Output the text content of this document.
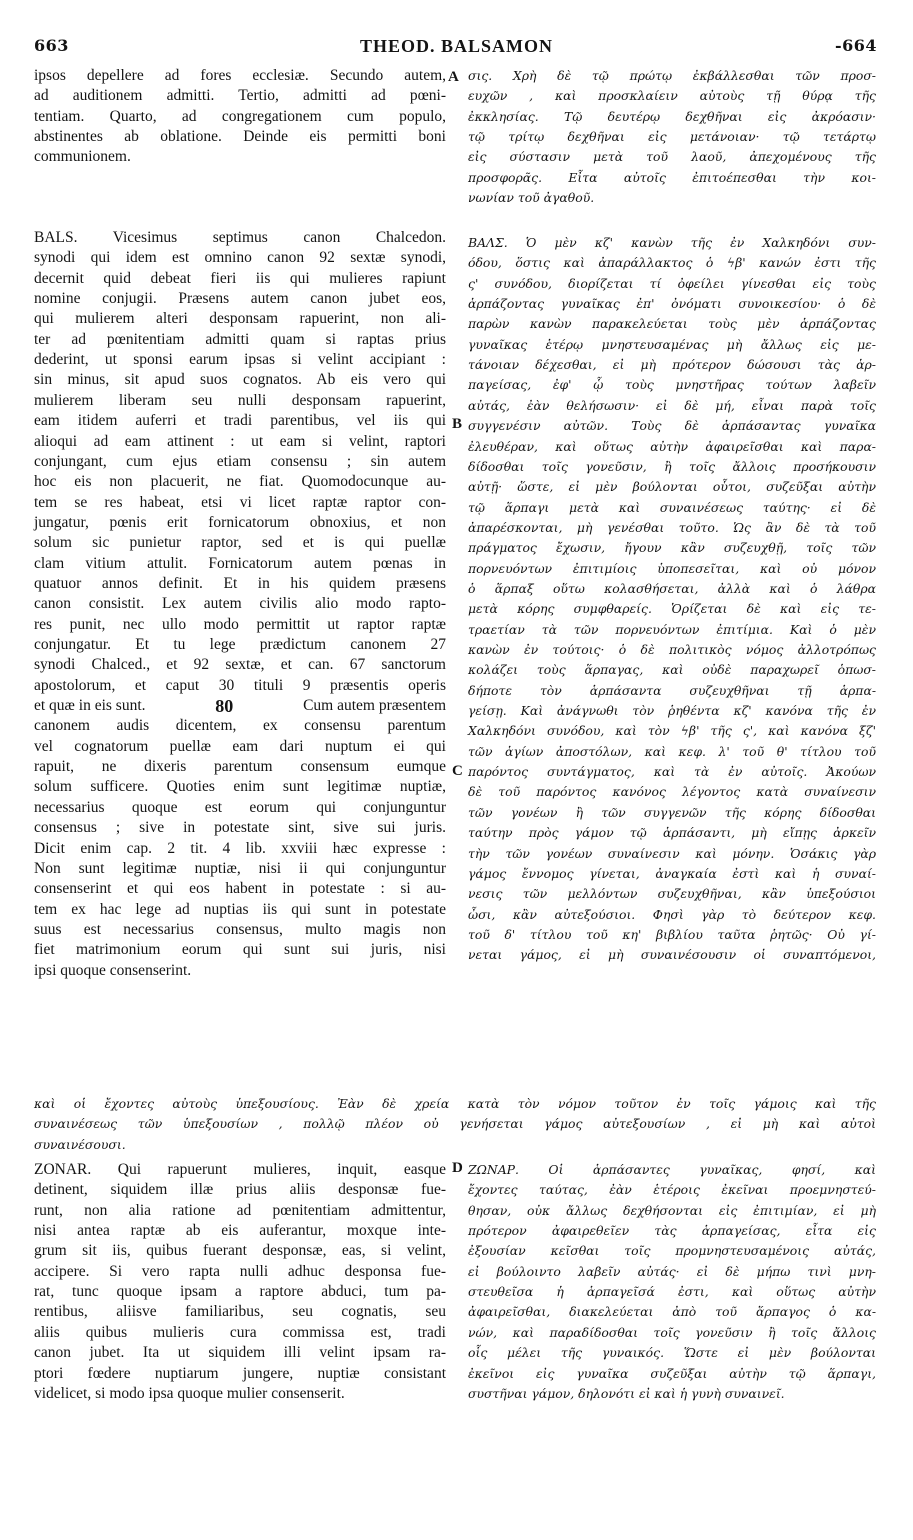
663	THEOD. BALSAMON	-664
ipsos depellere ad fores ecclesiæ. Secundo autem,
ad auditionem admitti. Tertio, admitti ad pœni-
tentiam. Quarto, ad congregationem cum populo,
abstinentes ab oblatione. Deinde eis permitti boni
communionem.
BALS. Vicesimus septimus canon Chalcedon.
synodi qui idem est omnino canon 92 sextæ synodi,
decernit quid debeat fieri iis qui mulieres rapiunt
nomine conjugii. Præsens autem canon jubet eos,
qui mulierem alteri desponsam rapuerint, non ali-
ter ad pœnitentiam admitti quam si raptas prius
dederint, ut sponsi earum ipsas si velint accipiant :
sin minus, sit apud suos cognatos. Ab eis vero qui
mulierem liberam seu nulli desponsam rapuerint,
eam itidem auferri et tradi parentibus, vel iis qui
alioqui ad eam attinent : ut eam si velint, raptori
conjungant, cum ejus etiam consensu ; sin autem
hoc eis non placuerit, ne fiat. Quomodocunque au-
tem se res habeat, etsi vi licet raptæ raptor con-
jungatur, pœnis erit fornicatorum obnoxius, et non
solum sic punietur raptor, sed et is qui puellæ
clam vitium attulit. Fornicatorum autem pœnas in
quatuor annos definit. Et in his quidem præsens
canon consistit. Lex autem civilis alio modo rapto-
res punit, nec ullo modo permittit ut raptor raptæ
conjungatur. Et tu lege prædictum canonem 27
synodi Chalced., et 92 sextæ, et can. 67 sanctorum
apostolorum, et caput 30 tituli 9 præsentis operis
canonem audis dicentem, ex consensu parentum
vel cognatorum puellæ eam dari nuptum ei qui
rapuit, ne dixeris parentum consensum eumque
solum sufficere. Quoties enim sunt legitimæ nuptiæ,
necessarius quoque est eorum qui conjunguntur
consensus ; sive in potestate sint, sive sui juris.
Dicit enim cap. 2 tit. 4 lib. xxviii hæc expresse :
Non sunt legitimæ nuptiæ, nisi ii qui conjunguntur
consenserint et qui eos habent in potestate : si au-
tem ex hac lege ad nuptias iis qui sunt in potestate
suus est necessarius consensus, multo magis non
fiet matrimonium eorum qui sunt sui juris, nisi
ipsi quoque consenserint.
et quæ in eis sunt.	80	Cum autem præsentem
σις. Χρὴ δὲ τῷ πρώτῳ ἐκβάλλεσθαι τῶν προσ-
ευχῶν , καὶ προσκλαίειν αὐτοὺς τῇ θύρᾳ τῆς
ἐκκλησίας. Τῷ δευτέρῳ δεχθῆναι εἰς ἀκρόασιν·
τῷ τρίτῳ δεχθῆναι εἰς μετάνοιαν· τῷ τετάρτῳ
εἰς σύστασιν μετὰ τοῦ λαοῦ, ἀπεχομένους τῆς
προσφορᾶς. Εἶτα αὐτοῖς ἐπιτοέπεσθαι τὴν κοι-
νωνίαν τοῦ ἀγαθοῦ.
ΒΑΛΣ. Ὁ μὲν κζ' κανὼν τῆς ἐν Χαλκηδόνι συν-
όδου, ὅστις καὶ ἀπαράλλακτος ὁ ϟβ' κανών ἐστι τῆς
ς' συνόδου, διορίζεται τί ὀφείλει γίνεσθαι εἰς τοὺς
ἁρπάζοντας γυναῖκας ἐπ' ὀνόματι συνοικεσίου· ὁ δὲ
παρὼν κανὼν παρακελεύεται τοὺς μὲν ἁρπάζοντας
γυναῖκας ἑτέρῳ μνηστευσαμένας μὴ ἄλλως εἰς με-
τάνοιαν δέχεσθαι, εἰ μὴ πρότερον δώσουσι τὰς ἁρ-
παγείσας, ἐφ' ᾧ τοὺς μνηστῆρας τούτων λαβεῖν
αὐτάς, ἐὰν θελήσωσιν· εἰ δὲ μή, εἶναι παρὰ τοῖς
συγγενέσιν αὐτῶν. Τοὺς δὲ ἁρπάσαντας γυναῖκα
ἐλευθέραν, καὶ οὕτως αὐτὴν ἀφαιρεῖσθαι καὶ παρα-
δίδοσθαι τοῖς γονεῦσιν, ἢ τοῖς ἄλλοις προσήκουσιν
αὐτῇ· ὥστε, εἰ μὲν βούλονται οὗτοι, συζεῦξαι αὐτὴν
τῷ ἅρπαγι μετὰ καὶ συναινέσεως ταύτης· εἰ δὲ
ἀπαρέσκονται, μὴ γενέσθαι τοῦτο. Ὡς ἂν δὲ τὰ τοῦ
πράγματος ἔχωσιν, ἤγουν κἂν συζευχθῇ, τοῖς τῶν
πορνευόντων ἐπιτιμίοις ὑποπεσεῖται, καὶ οὐ μόνον
ὁ ἅρπαξ οὕτω κολασθήσεται, ἀλλὰ καὶ ὁ λάθρα
μετὰ κόρης συμφθαρείς. Ὁρίζεται δὲ καὶ εἰς τε-
τραετίαν τὰ τῶν πορνευόντων ἐπιτίμια. Καὶ ὁ μὲν
κανὼν ἐν τούτοις· ὁ δὲ πολιτικὸς νόμος ἀλλοτρόπως
κολάζει τοὺς ἅρπαγας, καὶ οὐδὲ παραχωρεῖ ὁπωσ-
δήποτε τὸν ἁρπάσαντα συζευχθῆναι τῇ ἁρπα-
γείσῃ. Καὶ ἀνάγνωθι τὸν ῥηθέντα κζ' κανόνα τῆς ἐν
Χαλκηδόνι συνόδου, καὶ τὸν ϟβ' τῆς ς', καὶ κανόνα ξζ'
τῶν ἁγίων ἀποστόλων, καὶ κεφ. λ' τοῦ θ' τίτλου τοῦ
παρόντος συντάγματος, καὶ τὰ ἐν αὐτοῖς. Ἀκούων
δὲ τοῦ παρόντος κανόνος λέγοντος κατὰ συναίνεσιν
τῶν γονέων ἢ τῶν συγγενῶν τῆς κόρης δίδοσθαι
ταύτην πρὸς γάμον τῷ ἁρπάσαντι, μὴ εἴπῃς ἀρκεῖν
τὴν τῶν γονέων συναίνεσιν καὶ μόνην. Ὁσάκις γὰρ
γάμος ἔννομος γίνεται, ἀναγκαία ἐστὶ καὶ ἡ συναί-
νεσις τῶν μελλόντων συζευχθῆναι, κἂν ὑπεξούσιοι
ὦσι, κἂν αὐτεξούσιοι. Φησὶ γὰρ τὸ δεύτερον κεφ.
τοῦ δ' τίτλου τοῦ κη' βιβλίου ταῦτα ῥητῶς· Οὐ γί-
νεται γάμος, εἰ μὴ συναινέσουσιν οἱ συναπτόμενοι,
καὶ οἱ ἔχοντες αὐτοὺς ὑπεξουσίους. Ἐὰν δὲ χρεία κατὰ τὸν νόμον τοῦτον ἐν τοῖς γάμοις καὶ τῆς
συναινέσεως τῶν ὑπεξουσίων , πολλῷ πλέον οὐ γενήσεται γάμος αὐτεξουσίων , εἰ μὴ καὶ αὐτοὶ
συναινέσουσι.
ZONAR. Qui rapuerunt mulieres, inquit, easque
detinent, siquidem illæ prius aliis desponsæ fue-
runt, non alia ratione ad pœnitentiam admittentur,
nisi antea raptæ ab eis auferantur, moxque inte-
grum sit iis, quibus fuerant desponsæ, eas, si velint,
accipere. Si vero rapta nulli adhuc desponsa fue-
rat, tunc quoque ipsam a raptore abduci, tum pa-
rentibus, aliisve familiaribus, seu cognatis, seu
aliis quibus mulieris cura commissa est, tradi
canon jubet. Ita ut siquidem illi velint ipsam ra-
ptori fœdere nuptiarum jungere, nuptiæ consistant
videlicet, si modo ipsa quoque mulier consenserit.
ΖΩΝΑΡ. Οἱ ἁρπάσαντες γυναῖκας, φησί, καὶ
ἔχοντες ταύτας, ἐὰν ἑτέροις ἐκεῖναι προεμνηστεύ-
θησαν, οὐκ ἄλλως δεχθήσονται εἰς ἐπιτιμίαν, εἰ μὴ
πρότερον ἀφαιρεθεῖεν τὰς ἁρπαγείσας, εἶτα εἰς
ἐξουσίαν κεῖσθαι τοῖς προμνηστευσαμένοις αὐτάς,
εἰ βούλοιντο λαβεῖν αὐτάς· εἰ δὲ μήπω τινὶ μνη-
στευθεῖσα ἡ ἁρπαγεῖσά ἐστι, καὶ οὕτως αὐτὴν
ἀφαιρεῖσθαι, διακελεύεται ἀπὸ τοῦ ἅρπαγος ὁ κα-
νών, καὶ παραδίδοσθαι τοῖς γονεῦσιν ἢ τοῖς ἄλλοις
οἷς μέλει τῆς γυναικός. Ὥστε εἰ μὲν βούλονται
ἐκεῖνοι εἰς γυναῖκα συζεῦξαι αὐτὴν τῷ ἅρπαγι,
συστῆναι γάμον, δηλονότι εἰ καὶ ἡ γυνὴ συναινεῖ.
A
B
C
D
